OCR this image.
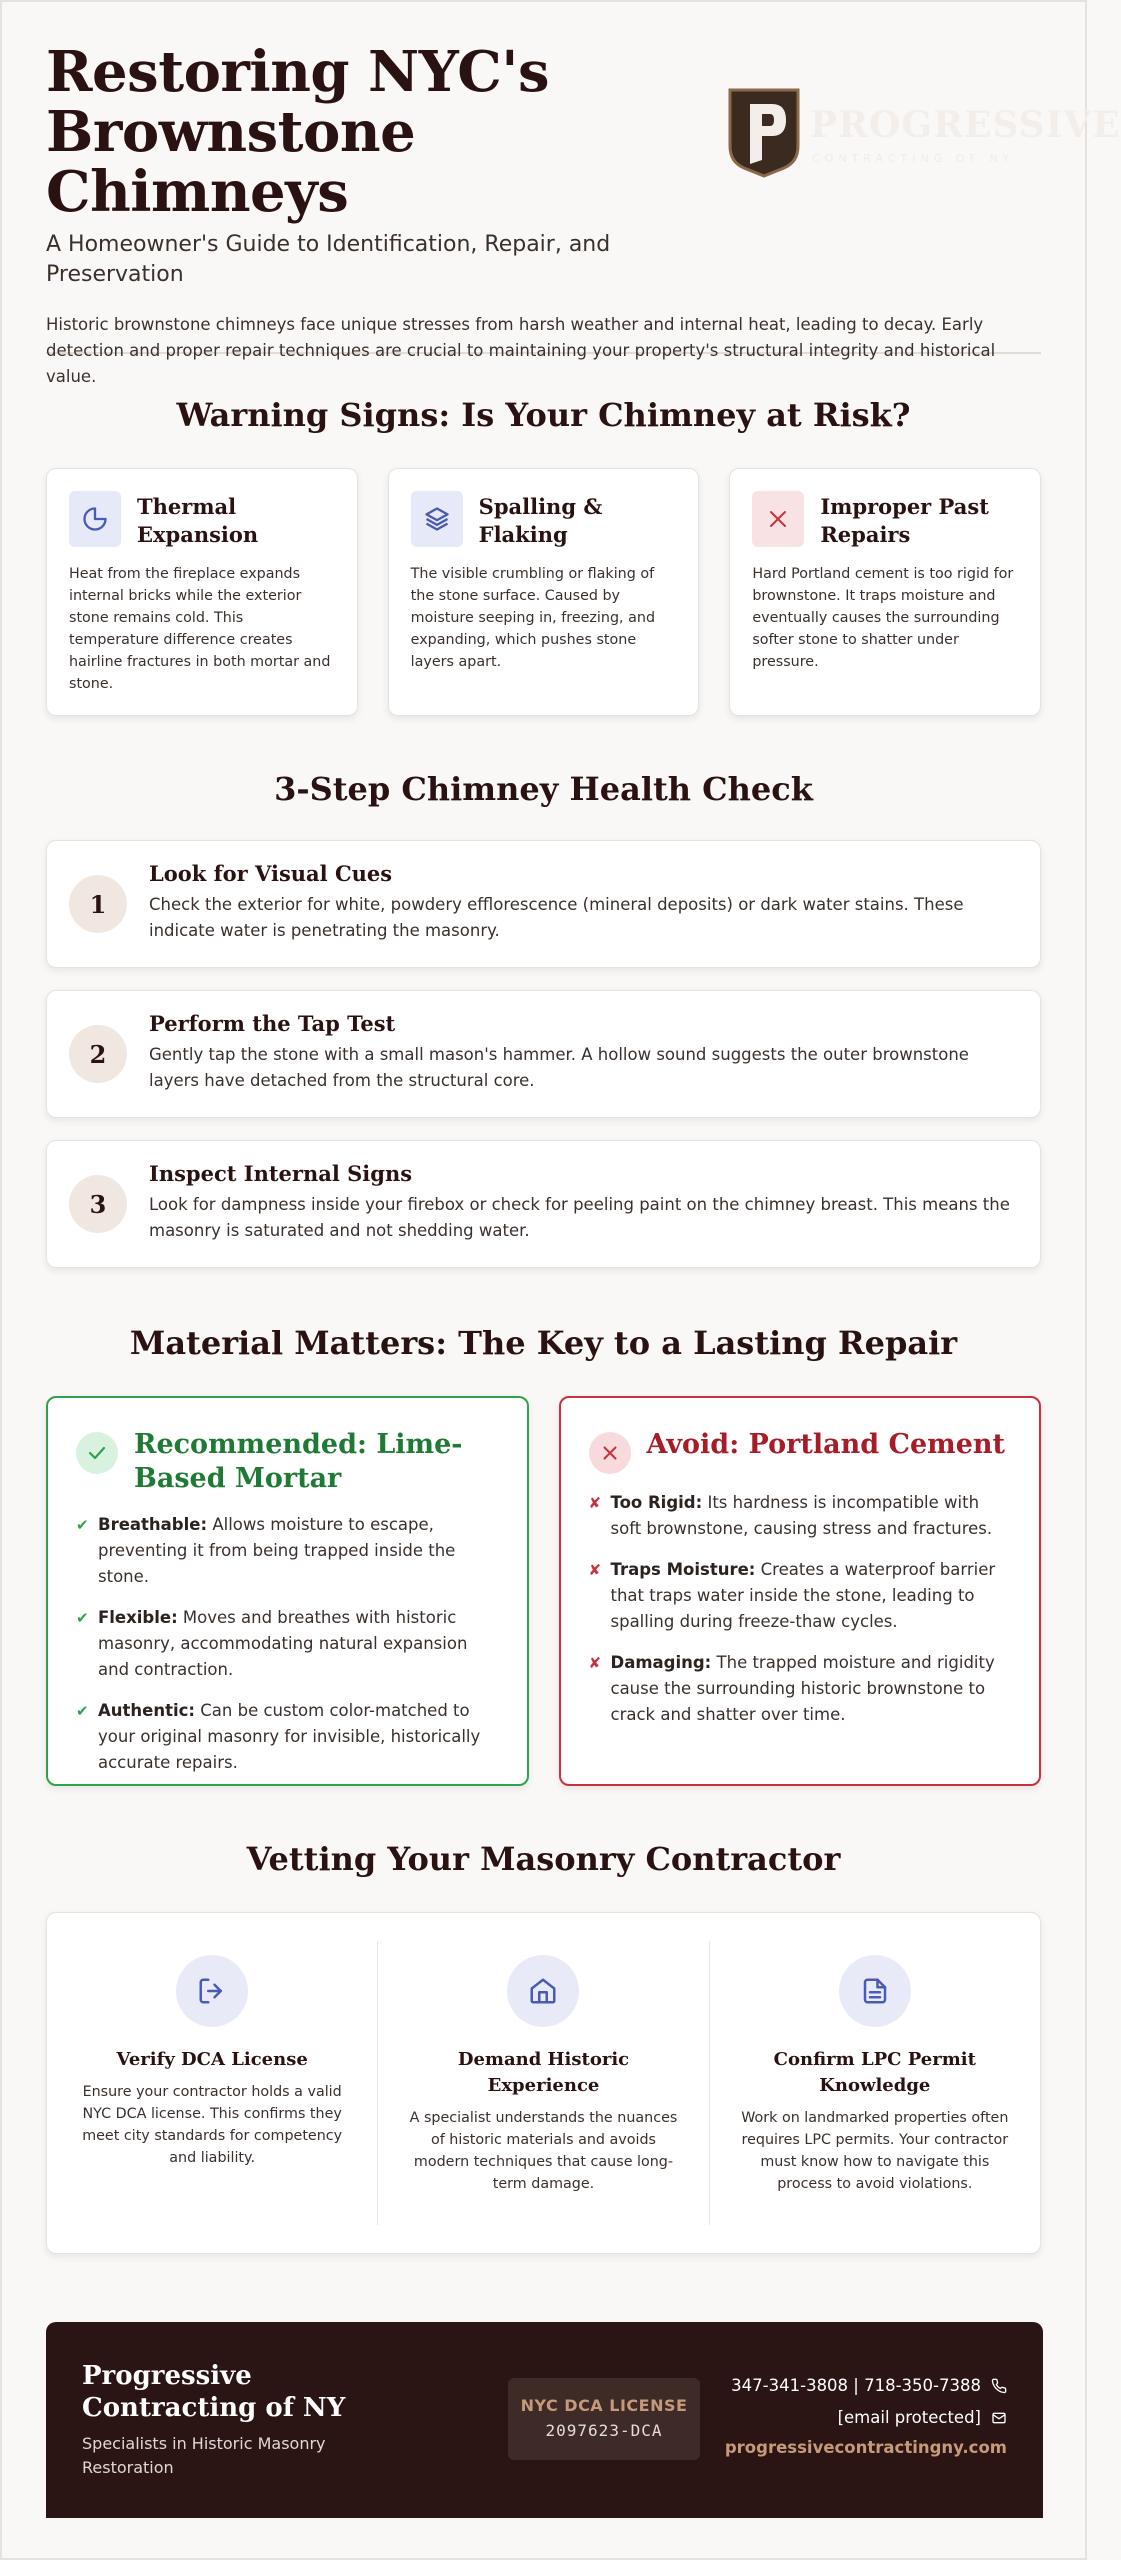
Restoring NYC's Brownstone Chimneys
A Homeowner's Guide to Identification, Repair, and Preservation

Historic brownstone chimneys face unique stresses from harsh weather and internal heat, leading to decay. Early detection and proper repair techniques are crucial to maintaining your property's structural integrity and historical value.

PROGRESSIVE
CONTRACTING OF NY
Warning Signs: Is Your Chimney at Risk?
Thermal Expansion

Heat from the fireplace expands internal bricks while the exterior stone remains cold. This temperature difference creates hairline fractures in both mortar and stone.

Spalling & Flaking

The visible crumbling or flaking of the stone surface. Caused by moisture seeping in, freezing, and expanding, which pushes stone layers apart.

Improper Past Repairs

Hard Portland cement is too rigid for brownstone. It traps moisture and eventually causes the surrounding softer stone to shatter under pressure.

3-Step Chimney Health Check
1
Look for Visual Cues
Check the exterior for white, powdery efflorescence (mineral deposits) or dark water stains. These indicate water is penetrating the masonry.
2
Perform the Tap Test
Gently tap the stone with a small mason's hammer. A hollow sound suggests the outer brownstone layers have detached from the structural core.
3
Inspect Internal Signs
Look for dampness inside your firebox or check for peeling paint on the chimney breast. This means the masonry is saturated and not shedding water.
Material Matters: The Key to a Lasting Repair
Recommended: Lime-Based Mortar
✔ Breathable: Allows moisture to escape, preventing it from being trapped inside the stone.
✔ Flexible: Moves and breathes with historic masonry, accommodating natural expansion and contraction.
✔ Authentic: Can be custom color-matched to your original masonry for invisible, historically accurate repairs.
Avoid: Portland Cement
✘ Too Rigid: Its hardness is incompatible with soft brownstone, causing stress and fractures.
✘ Traps Moisture: Creates a waterproof barrier that traps water inside the stone, leading to spalling during freeze-thaw cycles.
✘ Damaging: The trapped moisture and rigidity cause the surrounding historic brownstone to crack and shatter over time.
Vetting Your Masonry Contractor
Verify DCA License

Ensure your contractor holds a valid NYC DCA license. This confirms they meet city standards for competency and liability.

Demand Historic Experience

A specialist understands the nuances of historic materials and avoids modern techniques that cause long-term damage.

Confirm LPC Permit Knowledge

Work on landmarked properties often requires LPC permits. Your contractor must know how to navigate this process to avoid violations.

Progressive Contracting of NY
Specialists in Historic Masonry Restoration
NYC DCA LICENSE
2097623-DCA
347-341-3808 | 718-350-7388
[email protected]
progressivecontractingny.com
